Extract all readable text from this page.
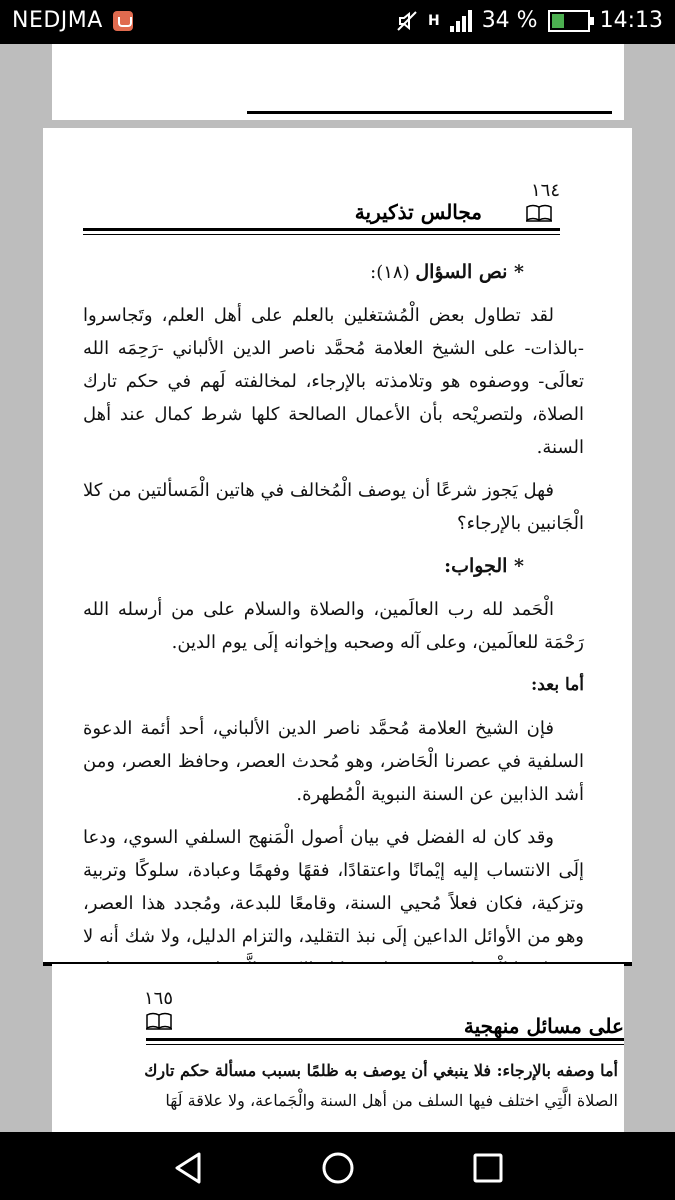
NEDJMA	H 34 %	14:13
١٦٤
مجالس تذكيرية

* نص السؤال (١٨):

لقد تطاول بعض الْمُشتغلين بالعلم على أهل العلم، وتَجاسروا -بالذات- على الشيخ العلامة مُحمَّد ناصر الدين الألباني -رَحِمَه الله تعالَى- ووصفوه هو وتلامذته بالإرجاء، لمخالفته لَهم في حكم تارك الصلاة، ولتصريْحه بأن الأعمال الصالحة كلها شرط كمال عند أهل السنة.

فهل يَجوز شرعًا أن يوصف الْمُخالف في هاتين الْمَسألتين من كلا الْجَانبين بالإرجاء؟

* الجواب:

الْحَمد لله رب العالَمين، والصلاة والسلام على من أرسله الله رَحْمَة للعالَمين، وعلى آله وصحبه وإخوانه إلَى يوم الدين.

أما بعد:

فإن الشيخ العلامة مُحمَّد ناصر الدين الألباني، أحد أئمة الدعوة السلفية في عصرنا الْحَاضر، وهو مُحدث العصر، وحافظ العصر، ومن أشد الذابين عن السنة النبوية الْمُطهرة.

وقد كان له الفضل في بيان أصول الْمَنهج السلفي السوي، ودعا إلَى الانتساب إليه إيْمانًا واعتقادًا، فقهًا وفهمًا وعبادة، سلوكًا وتربية وتزكية، فكان فعلاً مُحيي السنة، وقامعًا للبدعة، ومُجدد هذا العصر، وهو من الأوائل الداعين إلَى نبذ التقليد، والتزام الدليل، ولا شك أنه لا

١٦٥
على مسائل منهجية
أما وصفه بالإرجاء: فلا ينبغي أن يوصف به ظلمًا بسبب مسألة حكم تارك
الصلاة الَّتِي اختلف فيها السلف من أهل السنة والْجَماعة، ولا علاقة لَهَا
